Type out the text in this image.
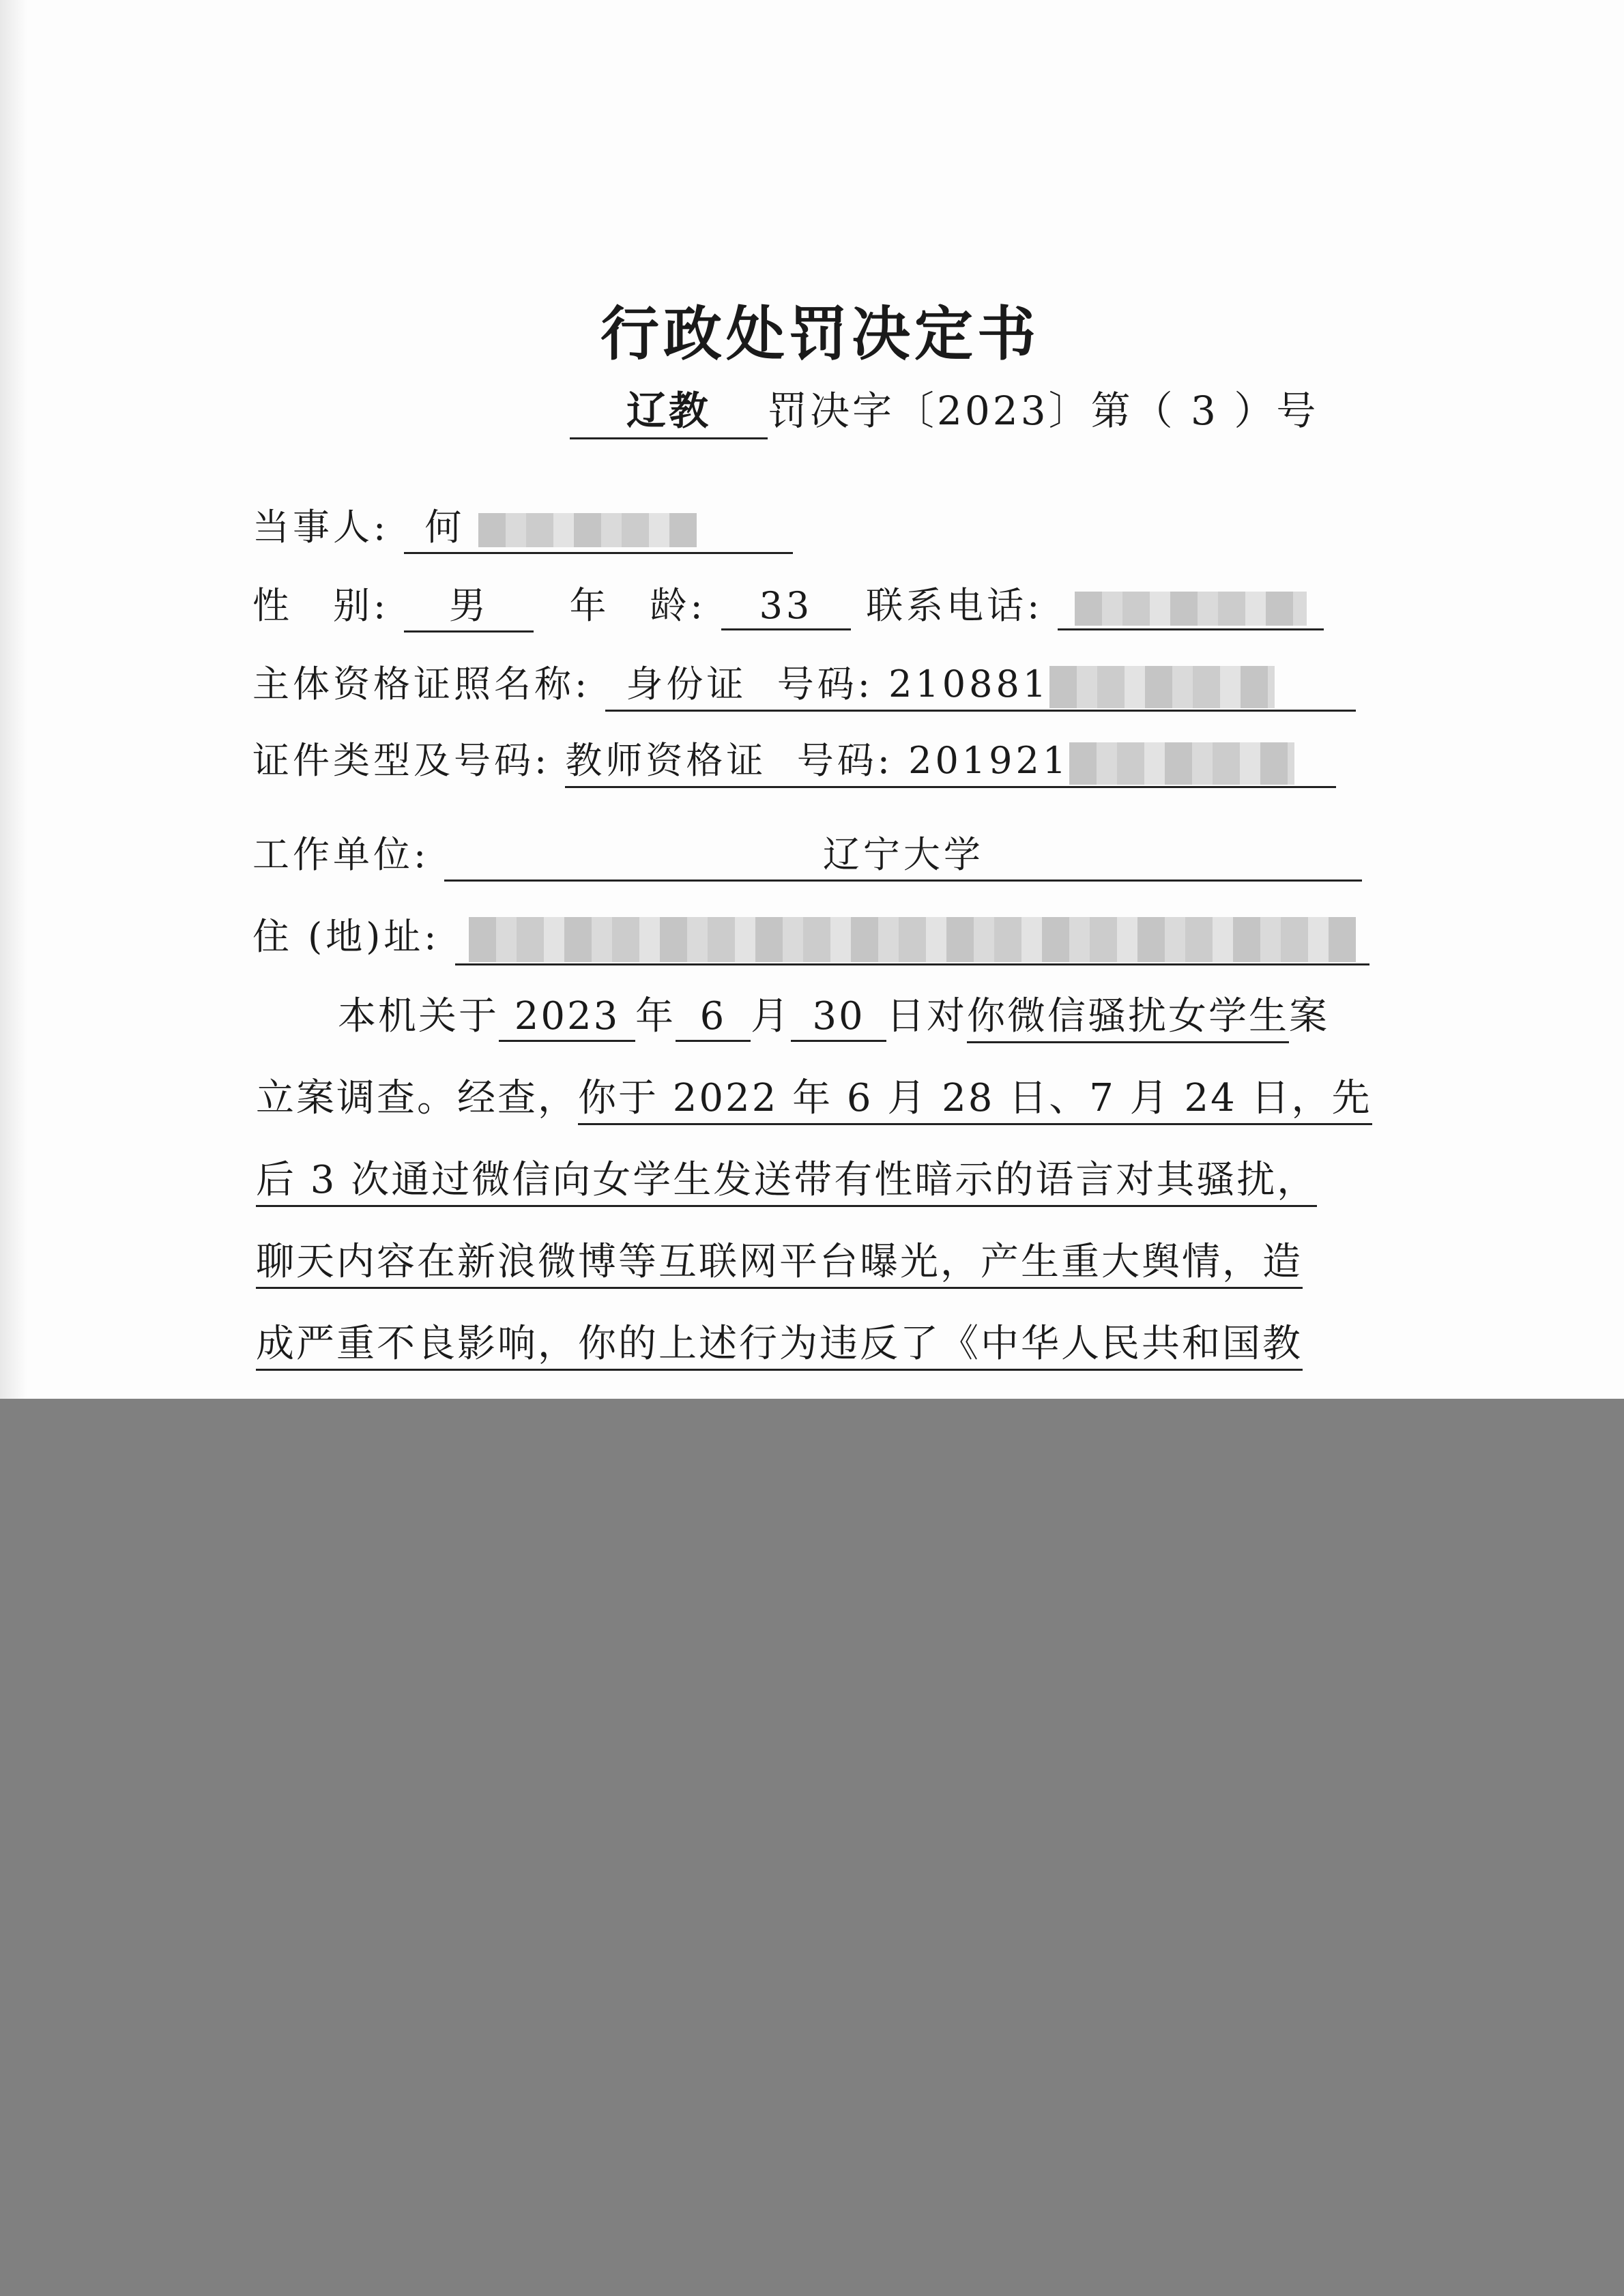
行政处罚决定书
辽教 罚决字〔2023〕第（ 3 ）号
当事人: 何
性　别: 男 年　龄: 33 联系电话:
主体资格证照名称: 身份证 号码: 210881
证件类型及号码: 教师资格证 号码: 201921
工作单位:	辽宁大学
住 (地)址:
本机关于 2023 年 6 月 30 日对你微信骚扰女学生案
立案调查。经查，你于 2022 年 6 月 28 日、7 月 24 日，先
后 3 次通过微信向女学生发送带有性暗示的语言对其骚扰，
聊天内容在新浪微博等互联网平台曝光，产生重大舆情，造
成严重不良影响，你的上述行为违反了《中华人民共和国教
